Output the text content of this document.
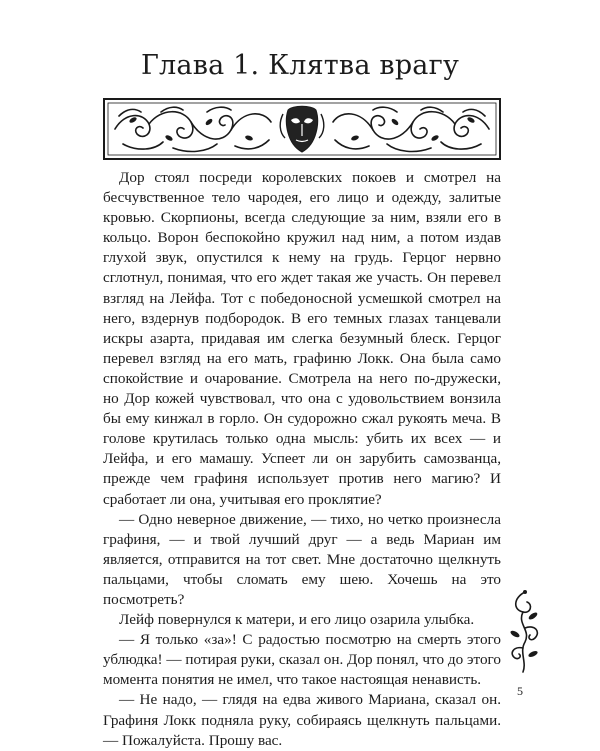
Глава 1. Клятва врагу

Дор стоял посреди королевских покоев и смотрел на бесчувственное тело чародея, его лицо и одежду, залитые кровью. Скорпионы, всегда следующие за ним, взяли его в кольцо. Ворон беспокойно кружил над ним, а потом издав глухой звук, опустился к нему на грудь. Герцог нервно сглотнул, понимая, что его ждет такая же участь. Он перевел взгляд на Лейфа. Тот с победоносной усмешкой смотрел на него, вздернув подбородок. В его темных глазах танцевали искры азарта, придавая им слегка безумный блеск. Герцог перевел взгляд на его мать, графиню Локк. Она была само спокойствие и очарование. Смотрела на него по-дружески, но Дор кожей чувствовал, что она с удовольствием вонзила бы ему кинжал в горло. Он судорожно сжал рукоять меча. В голове крутилась только одна мысль: убить их всех — и Лейфа, и его мамашу. Успеет ли он зарубить самозванца, прежде чем графиня использует против него магию? И сработает ли она, учитывая его проклятие?

— Одно неверное движение, — тихо, но четко произнесла графиня, — и твой лучший друг — а ведь Мариан им является, отправится на тот свет. Мне достаточно щелкнуть пальцами, чтобы сломать ему шею. Хочешь на это посмотреть?

Лейф повернулся к матери, и его лицо озарила улыбка.

— Я только «за»! С радостью посмотрю на смерть этого ублюдка! — потирая руки, сказал он. Дор понял, что до этого момента понятия не имел, что такое настоящая ненависть.

— Не надо, — глядя на едва живого Мариана, сказал он. Графиня Локк подняла руку, собираясь щелкнуть пальцами. — Пожалуйста. Прошу вас.

5
